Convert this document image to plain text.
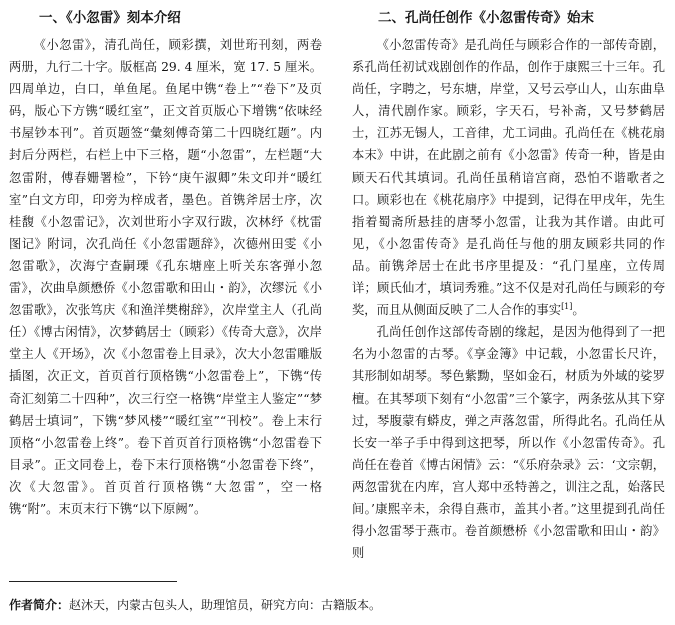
一、《小忽雷》刻本介绍

《小忽雷》，清孔尚任，顾彩撰，刘世珩刊刻，两卷两册，九行二十字。版框高 29. 4 厘米，宽 17. 5 厘米。四周单边，白口，单鱼尾。鱼尾中镌“卷上”“卷下”及页码，版心下方镌“暖红室”，正文首页版心下增镌“依味经书屋钞本刊”。首页题签“彙刻傅奇第二十四晓红题”。内封后分两栏，右栏上中下三格，题“小忽雷”，左栏题“大忽雷附，傅春姗署检”，下钤“庚午淑卿”朱文印并“暖红室”白文方印，印旁为梓成者，墨色。首镌斧居士序，次桂馥《小忽雷记》，次刘世珩小字双行跋，次林纾《枕雷图记》附词，次孔尚任《小忽雷题辞》，次德州田雯《小忽雷歌》，次海宁查嗣瑮《孔东塘座上听关东客弹小忽雷》，次曲阜颜懋侨《小忽雷歌和田山・韵》，次缪沅《小忽雷歌》，次张笃庆《和渔洋樊榭辞》，次岸堂主人（孔尚任）《博古闲情》，次梦鹤居士（顾彩）《传奇大意》，次岸堂主人《开场》，次《小忽雷卷上目录》，次大小忽雷雕版插图，次正文，首页首行顶格镌“小忽雷卷上”，下镌“传奇汇刻第二十四种”，次三行空一格镌“岸堂主人鉴定”“梦鹤居士填词”，下镌“梦风楼”“暖红室”“刊校”。卷上末行顶格“小忽雷卷上终”。卷下首页首行顶格镌“小忽雷卷下目录”。正文同卷上，卷下末行顶格镌“小忽雷卷下终”，次《大忽雷》。首页首行顶格镌“大忽雷”，空一格镌“附”。末页末行下镌“以下原阙”。

二、孔尚任创作《小忽雷传奇》始末

《小忽雷传奇》是孔尚任与顾彩合作的一部传奇剧，系孔尚任初试戏剧创作的作品，创作于康熙三十三年。孔尚任，字聘之，号东塘，岸堂，又号云亭山人，山东曲阜人，清代剧作家。顾彩，字天石，号补斋，又号梦鹤居士，江苏无锡人，工音律，尤工词曲。孔尚任在《桃花扇本末》中讲，在此剧之前有《小忽雷》传奇一种，皆是由顾天石代其填词。孔尚任虽稍谙宫商，恐怕不谐歌者之口。顾彩也在《桃花扇序》中提到，记得在甲戌年，先生指着蜀斋所悬挂的唐琴小忽雷，让我为其作谱。由此可见，《小忽雷传奇》是孔尚任与他的朋友顾彩共同的作品。前镌斧居士在此书序里提及：“孔门星座，立传周详；顾氏仙才，填词秀雅。”这不仅是对孔尚任与顾彩的夸奖，而且从侧面反映了二人合作的事实[1]。

孔尚任创作这部传奇剧的缘起，是因为他得到了一把名为小忽雷的古琴。《享金簿》中记载，小忽雷长尺许，其形制如胡琴。琴色紫黝，坚如金石，材质为外域的娑罗檀。在其琴项下刻有“小忽雷”三个篆字，两条弦从其下穿过，琴腹蒙有蟒皮，弹之声落忽雷，所得此名。孔尚任从长安一举子手中得到这把琴，所以作《小忽雷传奇》。孔尚任在卷首《博古闲情》云：“《乐府杂录》云：‘文宗朝，两忽雷犹在内库，宫人郑中丞特善之，训注之乱，始落民间。’康熙辛未，余得自燕市，盖其小者。”这里提到孔尚任得小忽雷琴于燕市。卷首颜懋桥《小忽雷歌和田山・韵》则

作者简介：赵沐天，内蒙古包头人，助理馆员，研究方向：古籍版本。
